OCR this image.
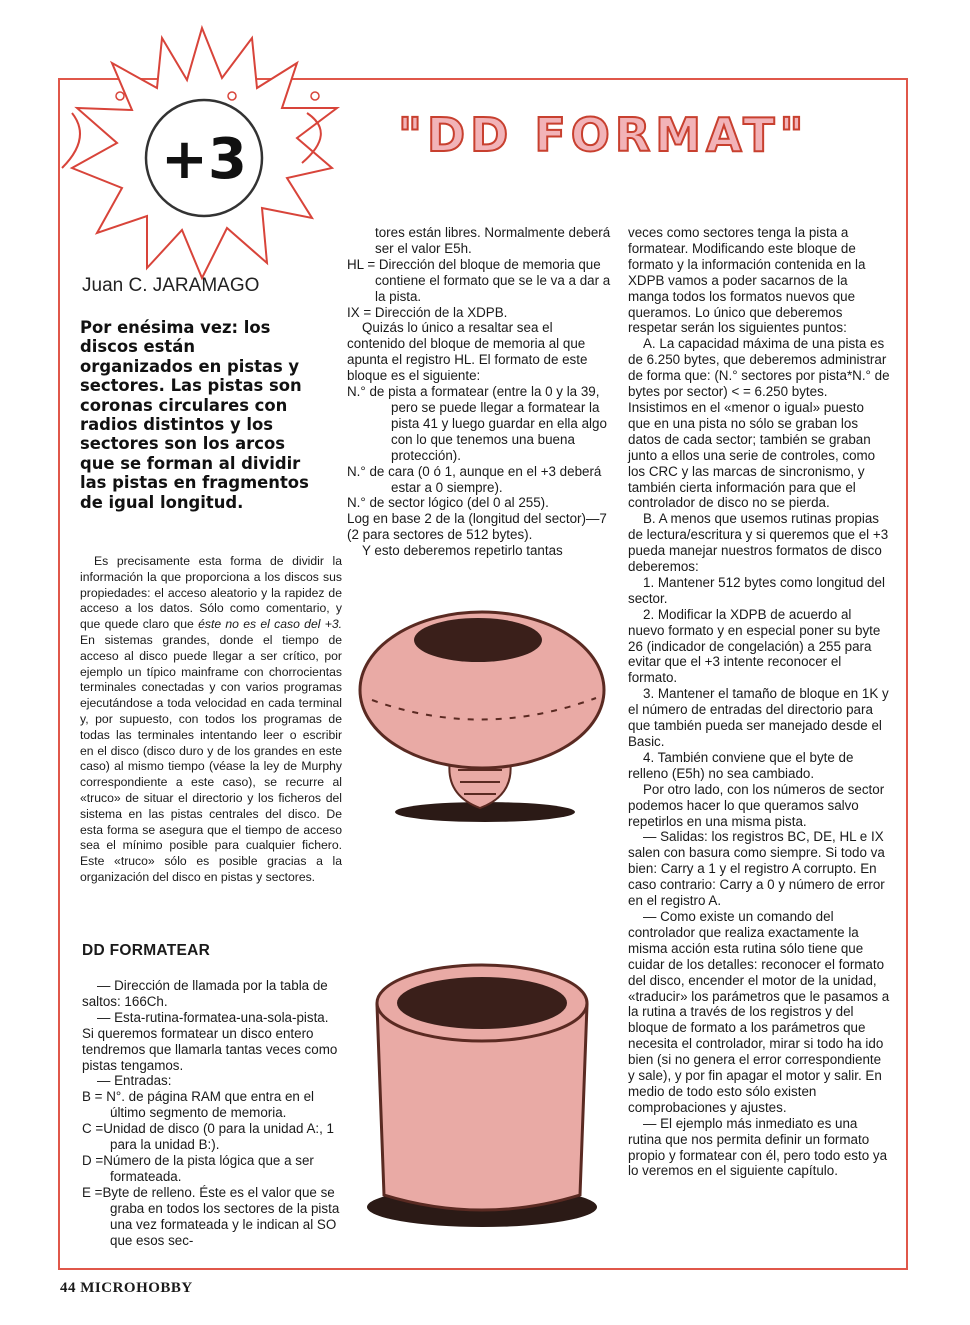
+3	"DD FORMAT"
Juan C. JARAMAGO
Por enésima vez: los discos están organizados en pistas y sectores. Las pistas son coronas circulares con radios distintos y los sectores son los arcos que se forman al dividir las pistas en fragmentos de igual longitud.

Es precisamente esta forma de dividir la información la que proporciona a los discos sus propiedades: el acceso aleatorio y la rapidez de acceso a los datos. Sólo como comentario, y que quede claro que éste no es el caso del +3. En sistemas grandes, donde el tiempo de acceso al disco puede llegar a ser crítico, por ejemplo un típico mainframe con chorrocientas terminales conectadas y con varios programas ejecutándose a toda velocidad en cada terminal y, por supuesto, con todos los programas de todas las terminales intentando leer o escribir en el disco (disco duro y de los grandes en este caso) al mismo tiempo (véase la ley de Murphy correspondiente a este caso), se recurre al «truco» de situar el directorio y los ficheros del sistema en las pistas centrales del disco. De esta forma se asegura que el tiempo de acceso sea el mínimo posible para cualquier fichero. Este «truco» sólo es posible gracias a la organización del disco en pistas y sectores.

DD FORMATEAR

— Dirección de llamada por la tabla de saltos: 166Ch.

— Esta-rutina-formatea-una-sola-pista. Si queremos formatear un disco entero tendremos que llamarla tantas veces como pistas tengamos.

— Entradas:

B = N°. de página RAM que entra en el último segmento de memoria.

C =Unidad de disco (0 para la unidad A:, 1 para la unidad B:).

D =Número de la pista lógica que a ser formateada.

E =Byte de relleno. Éste es el valor que se graba en todos los sectores de la pista una vez formateada y le indican al SO que esos sec-

tores están libres. Normalmente deberá ser el valor E5h.

HL = Dirección del bloque de memoria que contiene el formato que se le va a dar a la pista.

IX = Dirección de la XDPB.

Quizás lo único a resaltar sea el contenido del bloque de memoria al que apunta el registro HL. El formato de este bloque es el siguiente:

N.° de pista a formatear (entre la 0 y la 39, pero se puede llegar a formatear la pista 41 y luego guardar en ella algo con lo que tenemos una buena protección).

N.° de cara (0 ó 1, aunque en el +3 deberá estar a 0 siempre).

N.° de sector lógico (del 0 al 255).

Log en base 2 de la (longitud del sector)—7 (2 para sectores de 512 bytes).

Y esto deberemos repetirlo tantas

veces como sectores tenga la pista a formatear. Modificando este bloque de formato y la información contenida en la XDPB vamos a poder sacarnos de la manga todos los formatos nuevos que queramos. Lo único que deberemos respetar serán los siguientes puntos:

A. La capacidad máxima de una pista es de 6.250 bytes, que deberemos administrar de forma que: (N.° sectores por pista*N.° de bytes por sector) < = 6.250 bytes. Insistimos en el «menor o igual» puesto que en una pista no sólo se graban los datos de cada sector; también se graban junto a ellos una serie de controles, como los CRC y las marcas de sincronismo, y también cierta información para que el controlador de disco no se pierda.

B. A menos que usemos rutinas propias de lectura/escritura y si queremos que el +3 pueda manejar nuestros formatos de disco deberemos:

1. Mantener 512 bytes como longitud del sector.

2. Modificar la XDPB de acuerdo al nuevo formato y en especial poner su byte 26 (indicador de congelación) a 255 para evitar que el +3 intente reconocer el formato.

3. Mantener el tamaño de bloque en 1K y el número de entradas del directorio para que también pueda ser manejado desde el Basic.

4. También conviene que el byte de relleno (E5h) no sea cambiado.

Por otro lado, con los números de sector podemos hacer lo que queramos salvo repetirlos en una misma pista.

— Salidas: los registros BC, DE, HL e IX salen con basura como siempre. Si todo va bien: Carry a 1 y el registro A corrupto. En caso contrario: Carry a 0 y número de error en el registro A.

— Como existe un comando del controlador que realiza exactamente la misma acción esta rutina sólo tiene que cuidar de los detalles: reconocer el formato del disco, encender el motor de la unidad, «traducir» los parámetros que le pasamos a la rutina a través de los registros y del bloque de formato a los parámetros que necesita el controlador, mirar si todo ha ido bien (si no genera el error correspondiente y sale), y por fin apagar el motor y salir. En medio de todo esto sólo existen comprobaciones y ajustes.

— El ejemplo más inmediato es una rutina que nos permita definir un formato propio y formatear con él, pero todo esto ya lo veremos en el siguiente capítulo.

44 MICROHOBBY
